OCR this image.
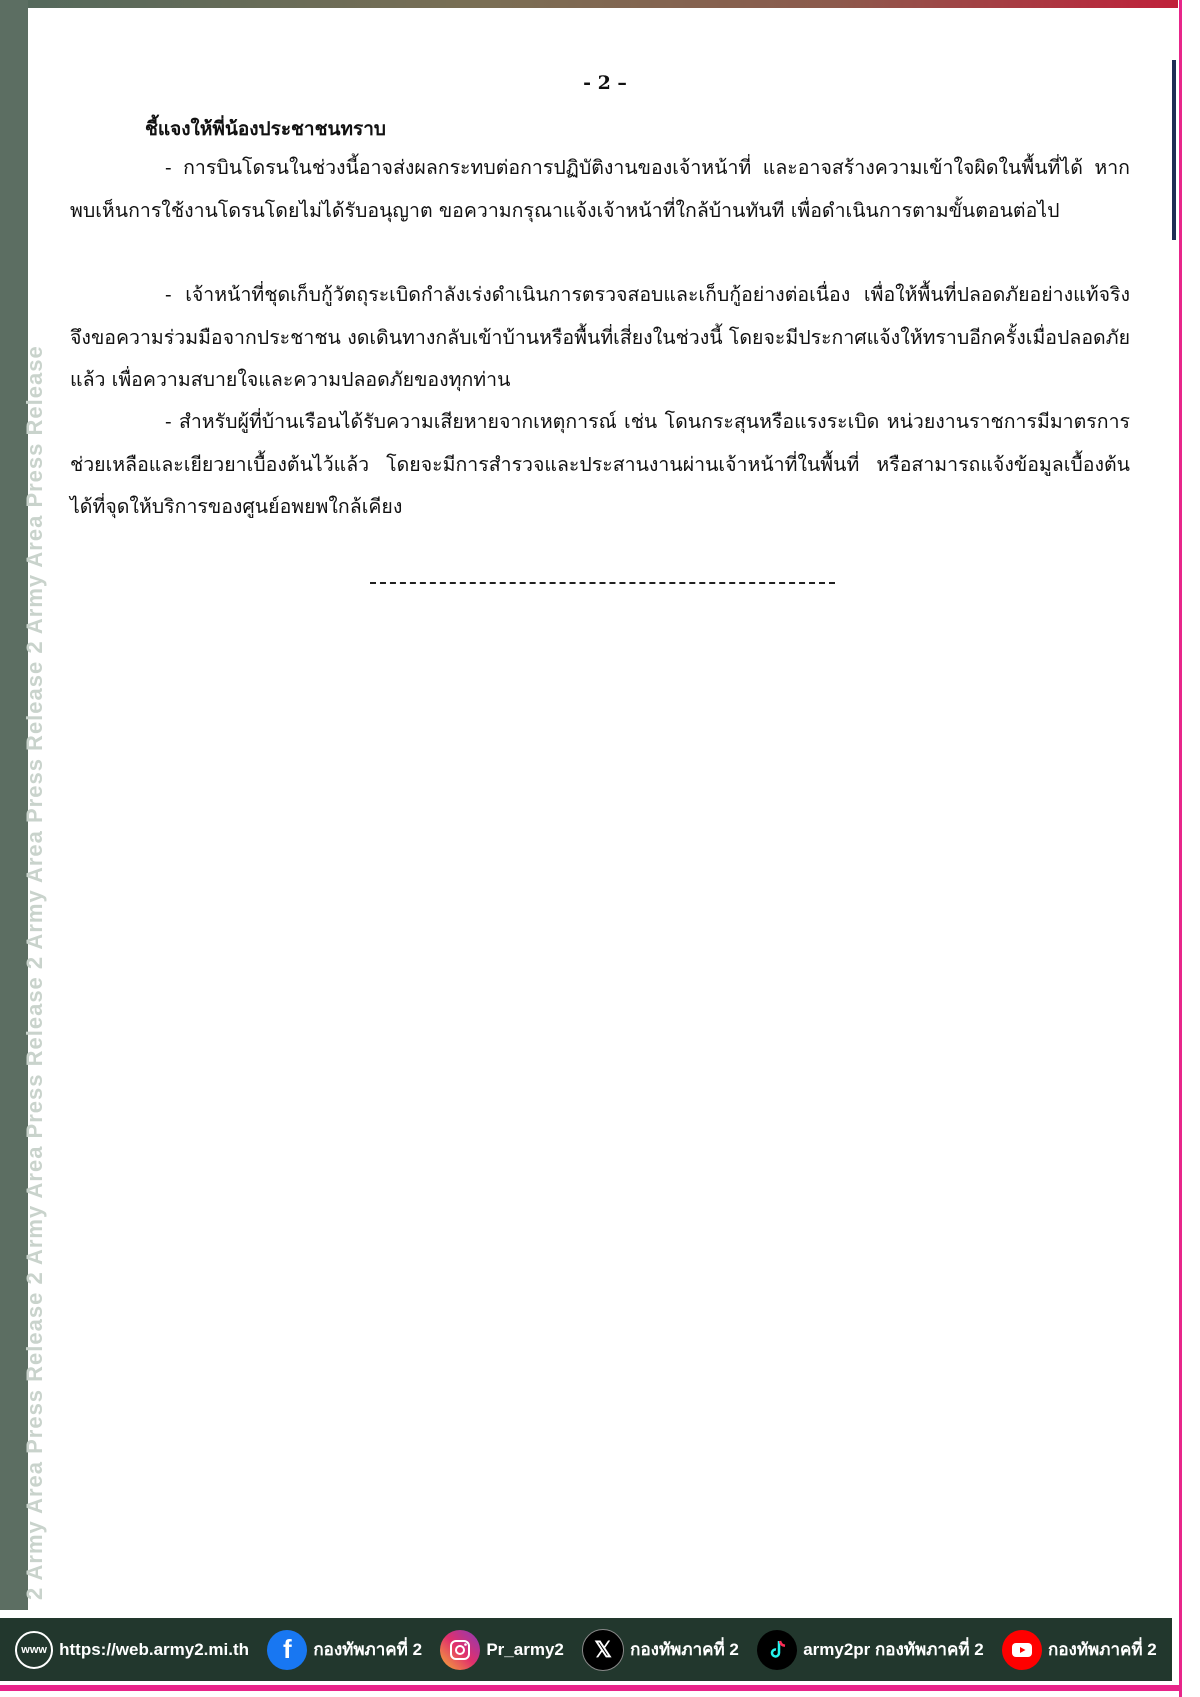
2 Army Area Press Release 2 Army Area Press Release 2 Army Area Press Release 2 Army Area Press Release
- 2 –
ชี้แจงให้พี่น้องประชาชนทราบ
- การบินโดรนในช่วงนี้อาจส่งผลกระทบต่อการปฏิบัติงานของเจ้าหน้าที่ และอาจสร้างความเข้าใจผิดในพื้นที่ได้ หากพบเห็นการใช้งานโดรนโดยไม่ได้รับอนุญาต ขอความกรุณาแจ้งเจ้าหน้าที่ใกล้บ้านทันที เพื่อดำเนินการตามขั้นตอนต่อไป
- เจ้าหน้าที่ชุดเก็บกู้วัตถุระเบิดกำลังเร่งดำเนินการตรวจสอบและเก็บกู้อย่างต่อเนื่อง เพื่อให้พื้นที่ปลอดภัยอย่างแท้จริง จึงขอความร่วมมือจากประชาชน งดเดินทางกลับเข้าบ้านหรือพื้นที่เสี่ยงในช่วงนี้ โดยจะมีประกาศแจ้งให้ทราบอีกครั้งเมื่อปลอดภัยแล้ว เพื่อความสบายใจและความปลอดภัยของทุกท่าน
- สำหรับผู้ที่บ้านเรือนได้รับความเสียหายจากเหตุการณ์ เช่น โดนกระสุนหรือแรงระเบิด หน่วยงานราชการมีมาตรการช่วยเหลือและเยียวยาเบื้องต้นไว้แล้ว โดยจะมีการสำรวจและประสานงานผ่านเจ้าหน้าที่ในพื้นที่ หรือสามารถแจ้งข้อมูลเบื้องต้นได้ที่จุดให้บริการของศูนย์อพยพใกล้เคียง
www https://web.army2.mi.th	f	กองทัพภาคที่ 2	Pr_army2	𝕏	กองทัพภาคที่ 2	army2pr กองทัพภาคที่ 2	กองทัพภาคที่ 2
